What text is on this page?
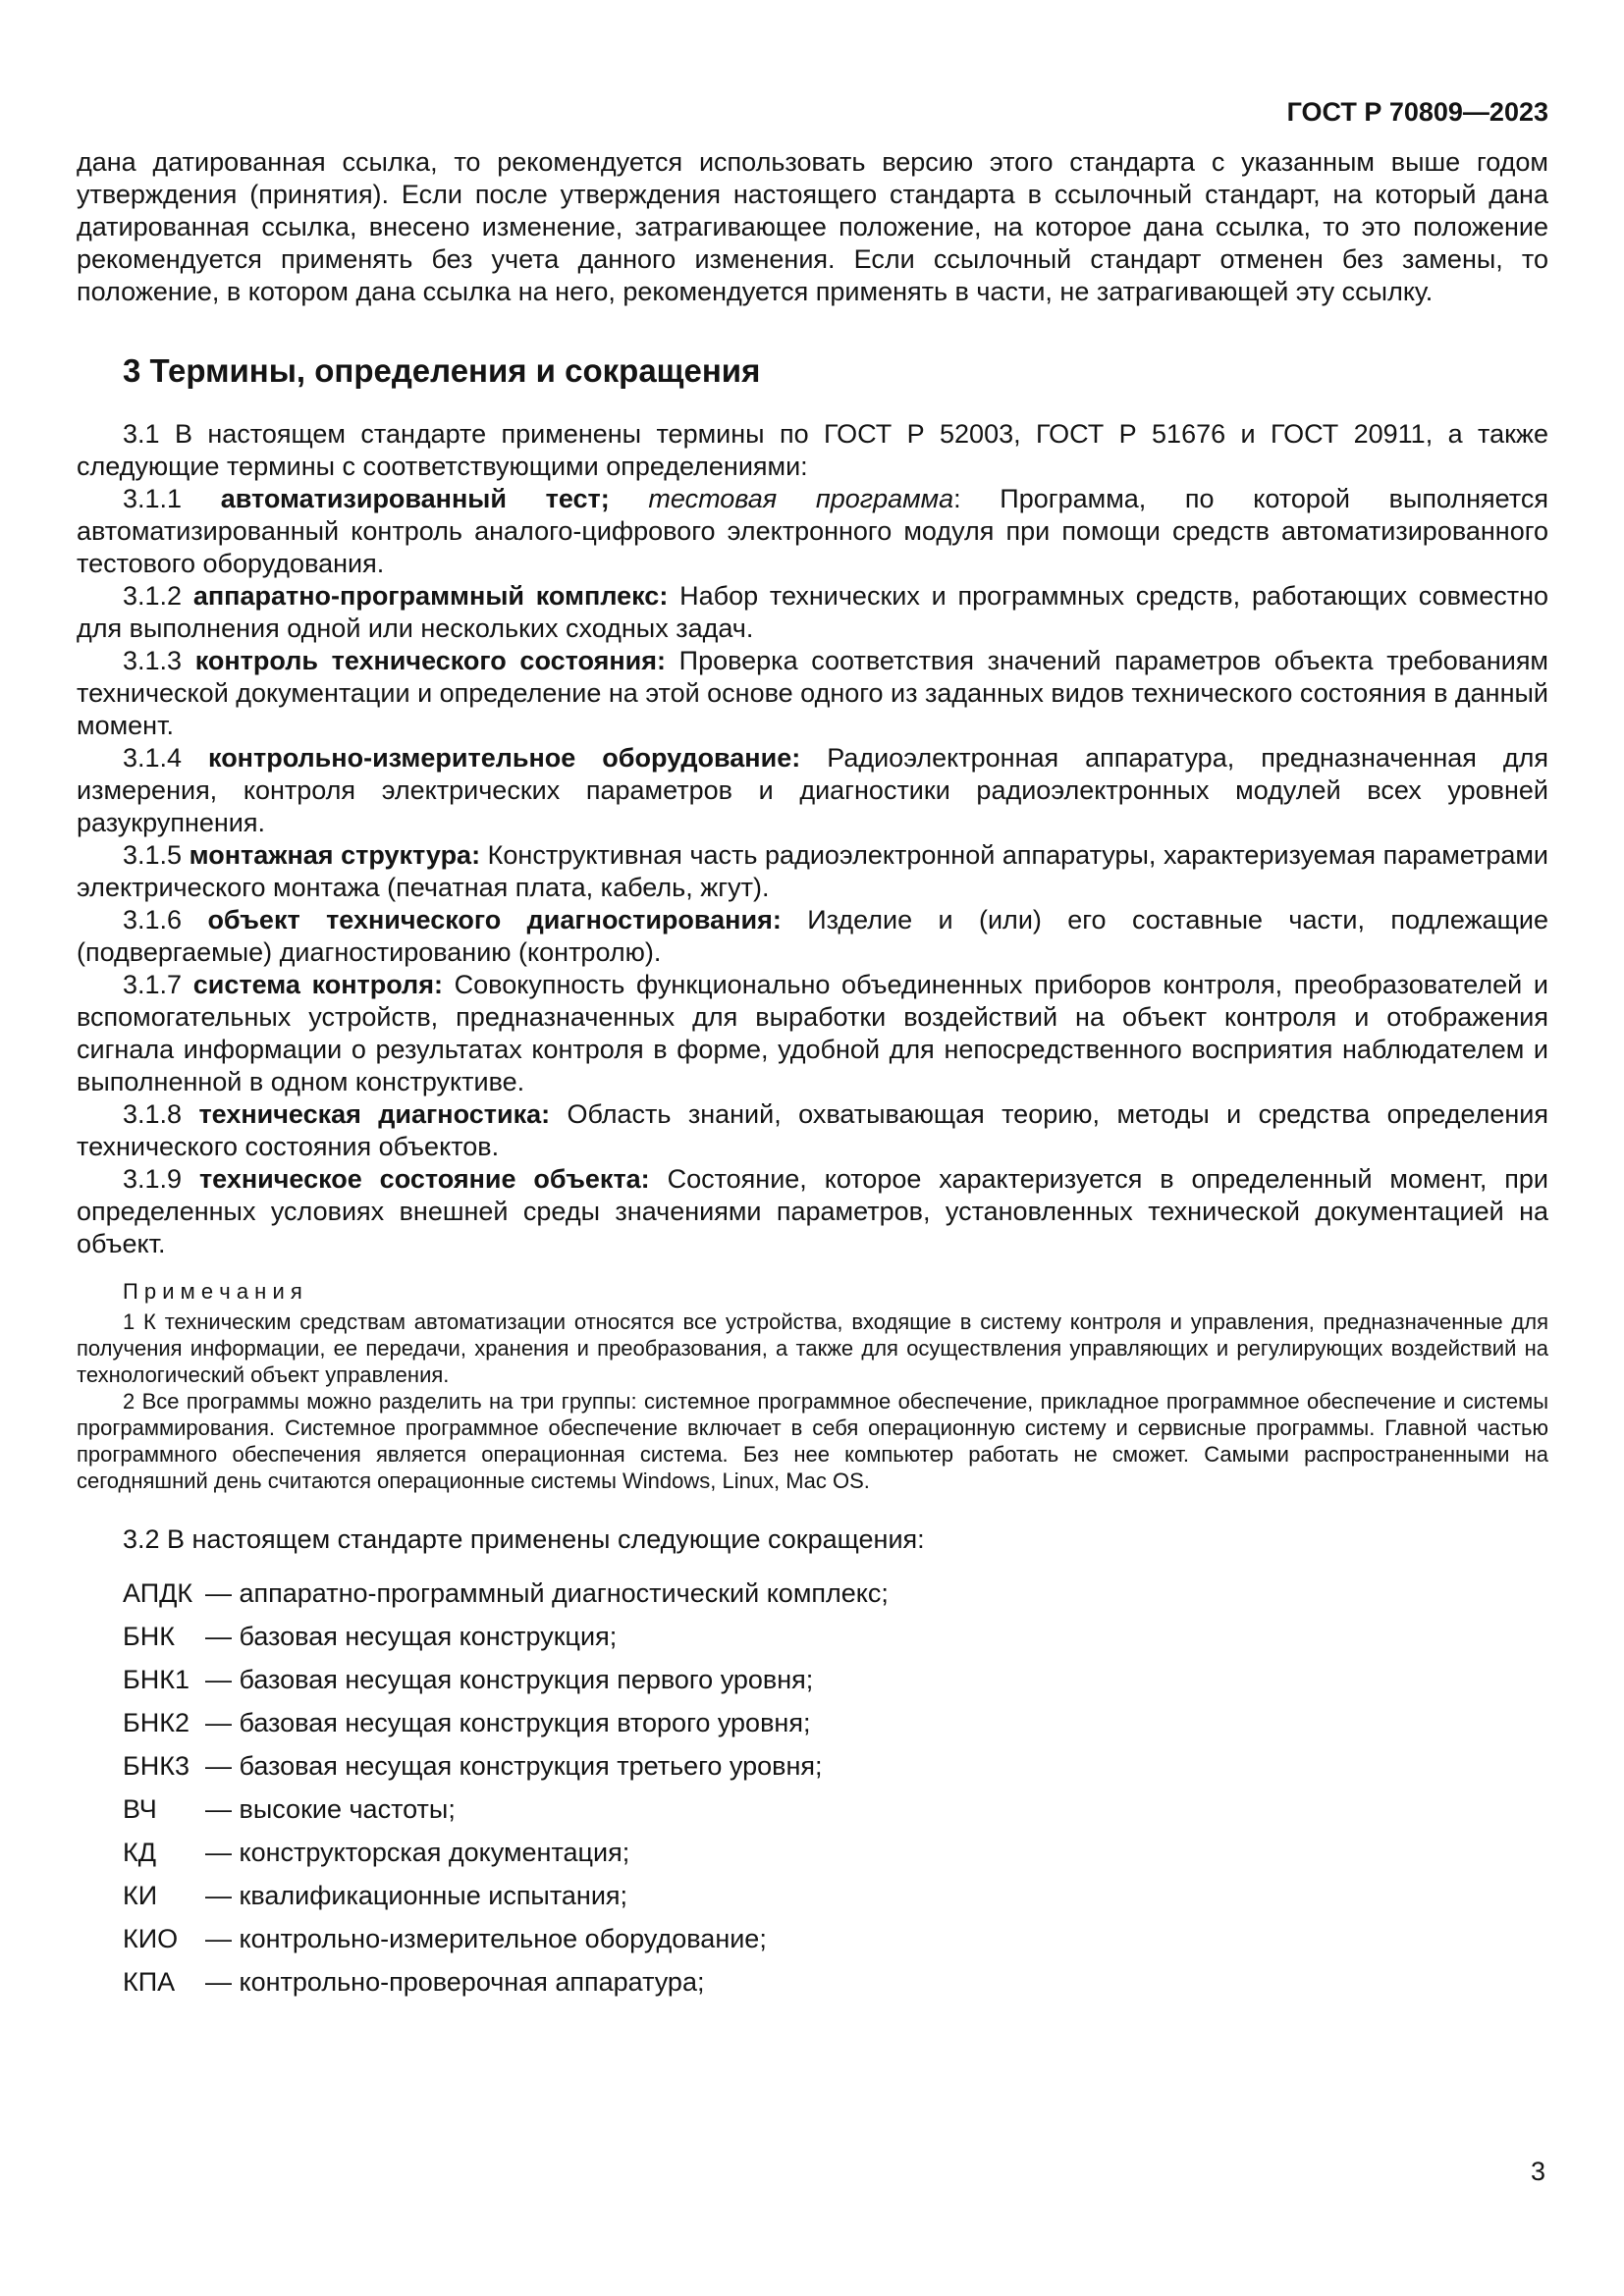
ГОСТ Р 70809—2023

дана датированная ссылка, то рекомендуется использовать версию этого стандарта с указанным выше годом утверждения (принятия). Если после утверждения настоящего стандарта в ссылочный стандарт, на который дана датированная ссылка, внесено изменение, затрагивающее положение, на которое дана ссылка, то это положение рекомендуется применять без учета данного изменения. Если ссылочный стандарт отменен без замены, то положение, в котором дана ссылка на него, рекомендуется применять в части, не затрагивающей эту ссылку.

3 Термины, определения и сокращения

3.1 В настоящем стандарте применены термины по ГОСТ Р 52003, ГОСТ Р 51676 и ГОСТ 20911, а также следующие термины с соответствующими определениями:

3.1.1 автоматизированный тест; тестовая программа: Программа, по которой выполняется автоматизированный контроль аналого-цифрового электронного модуля при помощи средств автоматизированного тестового оборудования.

3.1.2 аппаратно-программный комплекс: Набор технических и программных средств, работающих совместно для выполнения одной или нескольких сходных задач.

3.1.3 контроль технического состояния: Проверка соответствия значений параметров объекта требованиям технической документации и определение на этой основе одного из заданных видов технического состояния в данный момент.

3.1.4 контрольно-измерительное оборудование: Радиоэлектронная аппаратура, предназначенная для измерения, контроля электрических параметров и диагностики радиоэлектронных модулей всех уровней разукрупнения.

3.1.5 монтажная структура: Конструктивная часть радиоэлектронной аппаратуры, характеризуемая параметрами электрического монтажа (печатная плата, кабель, жгут).

3.1.6 объект технического диагностирования: Изделие и (или) его составные части, подлежащие (подвергаемые) диагностированию (контролю).

3.1.7 система контроля: Совокупность функционально объединенных приборов контроля, преобразователей и вспомогательных устройств, предназначенных для выработки воздействий на объект контроля и отображения сигнала информации о результатах контроля в форме, удобной для непосредственного восприятия наблюдателем и выполненной в одном конструктиве.

3.1.8 техническая диагностика: Область знаний, охватывающая теорию, методы и средства определения технического состояния объектов.

3.1.9 техническое состояние объекта: Состояние, которое характеризуется в определенный момент, при определенных условиях внешней среды значениями параметров, установленных технической документацией на объект.

П р и м е ч а н и я

1 К техническим средствам автоматизации относятся все устройства, входящие в систему контроля и управления, предназначенные для получения информации, ее передачи, хранения и преобразования, а также для осуществления управляющих и регулирующих воздействий на технологический объект управления.

2 Все программы можно разделить на три группы: системное программное обеспечение, прикладное программное обеспечение и системы программирования. Системное программное обеспечение включает в себя операционную систему и сервисные программы. Главной частью программного обеспечения является операционная система. Без нее компьютер работать не сможет. Самыми распространенными на сегодняшний день считаются операционные системы Windows, Linux, Mac OS.

3.2 В настоящем стандарте применены следующие сокращения:

АПДК — аппаратно-программный диагностический комплекс;
БНК	— базовая несущая конструкция;
БНК1 — базовая несущая конструкция первого уровня;
БНК2 — базовая несущая конструкция второго уровня;
БНК3 — базовая несущая конструкция третьего уровня;
ВЧ	— высокие частоты;
КД	— конструкторская документация;
КИ	— квалификационные испытания;
КИО	— контрольно-измерительное оборудование;
КПА	— контрольно-проверочная аппаратура;
3
